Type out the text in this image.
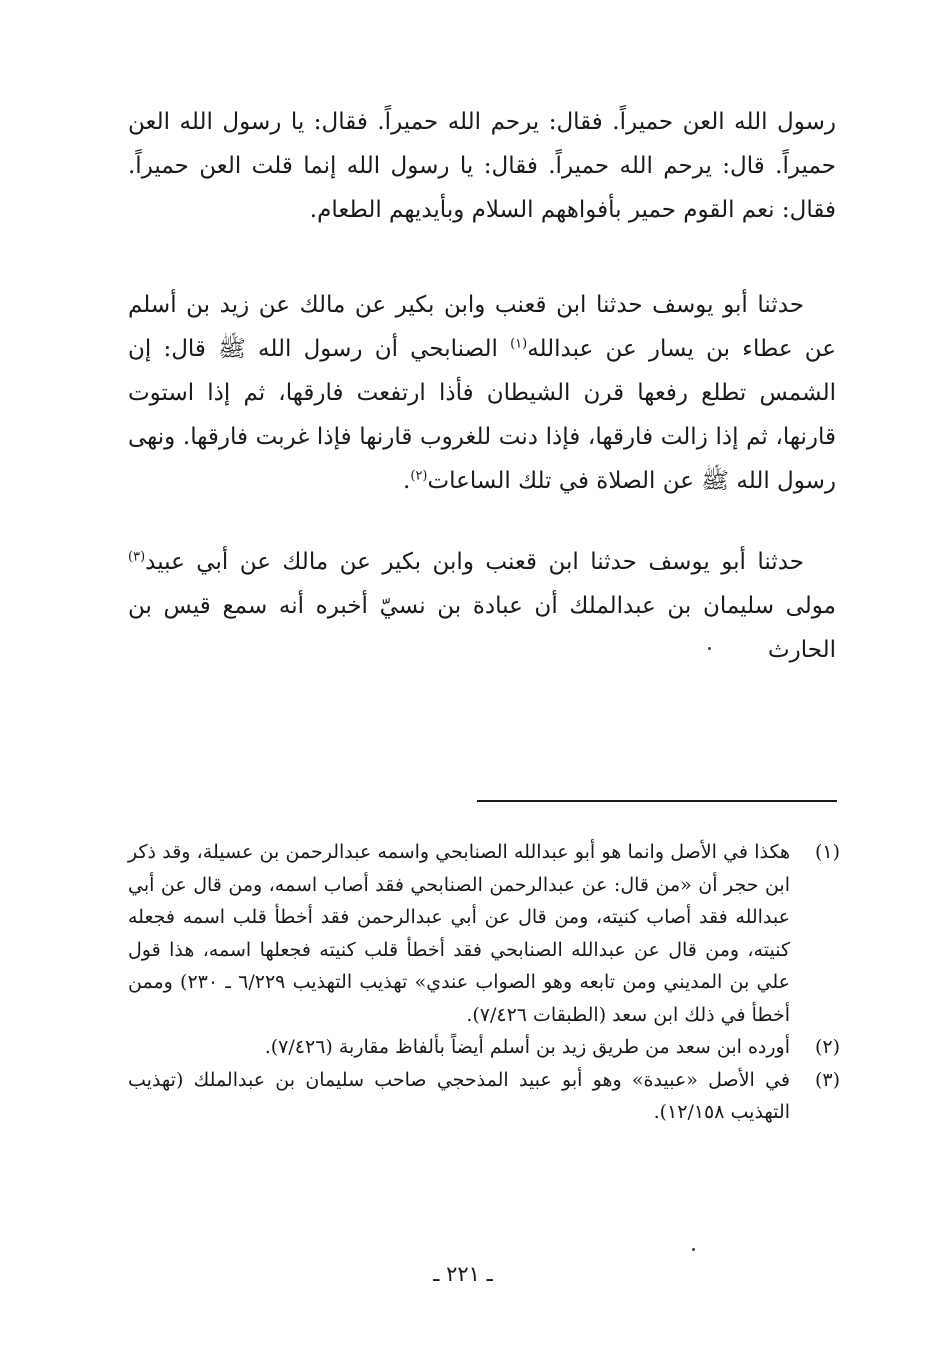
رسول الله العن حميراً. فقال: يرحم الله حميراً. فقال: يا رسول الله العن حميراً. قال: يرحم الله حميراً. فقال: يا رسول الله إنما قلت العن حميراً. فقال: نعم القوم حمير بأفواههم السلام وبأيديهم الطعام.

حدثنا أبو يوسف حدثنا ابن قعنب وابن بكير عن مالك عن زيد بن أسلم عن عطاء بن يسار عن عبدالله$^{(١)}$ الصنابحي أن رسول الله ﷺ قال: إن الشمس تطلع رفعها قرن الشيطان فأذا ارتفعت فارقها، ثم إذا استوت قارنها، ثم إذا زالت فارقها، فإذا دنت للغروب قارنها فإذا غربت فارقها. ونهى رسول الله ﷺ عن الصلاة في تلك الساعات$^{(٢)}$.

حدثنا أبو يوسف حدثنا ابن قعنب وابن بكير عن مالك عن أبي عبيد$^{(٣)}$ مولى سليمان بن عبدالملك أن عبادة بن نسيّ أخبره أنه سمع قيس بن الحارث

(١)
هكذا في الأصل وانما هو أبو عبدالله الصنابحي واسمه عبدالرحمن بن عسيلة، وقد ذكر ابن حجر أن «من قال: عن عبدالرحمن الصنابحي فقد أصاب اسمه، ومن قال عن أبي عبدالله فقد أصاب كنيته، ومن قال عن أبي عبدالرحمن فقد أخطأ قلب اسمه فجعله كنيته، ومن قال عن عبدالله الصنابحي فقد أخطأ قلب كنيته فجعلها اسمه، هذا قول علي بن المديني ومن تابعه وهو الصواب عندي» تهذيب التهذيب ٦/٢٢٩ ـ ٢٣٠) وممن أخطأ في ذلك ابن سعد (الطبقات ٧/٤٢٦).
(٢)
أورده ابن سعد من طريق زيد بن أسلم أيضاً بألفاظ مقاربة (٧/٤٢٦).
(٣)
في الأصل «عبيدة» وهو أبو عبيد المذحجي صاحب سليمان بن عبدالملك (تهذيب التهذيب ١٢/١٥٨).
ـ ٢٢١ ـ
